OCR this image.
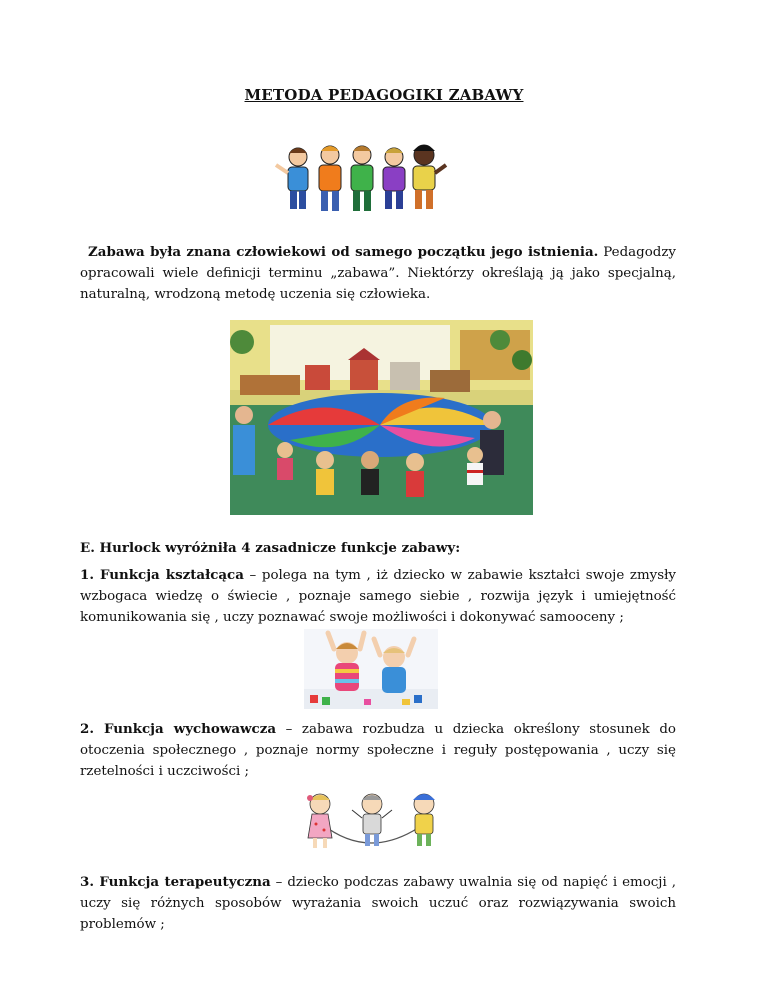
METODA PEDAGOGIKI ZABAWY

Zabawa była znana człowiekowi od samego początku jego istnienia. Pedagodzy opracowali wiele definicji terminu „zabawa”. Niektórzy określają ją jako specjalną, naturalną, wrodzoną metodę uczenia się człowieka.

E. Hurlock wyróżniła 4 zasadnicze funkcje zabawy:

1. Funkcja kształcąca – polega na tym , iż dziecko w zabawie kształci swoje zmysły wzbogaca wiedzę o świecie , poznaje samego siebie , rozwija język i umiejętność komunikowania się , uczy poznawać swoje możliwości i dokonywać samooceny ;

2. Funkcja wychowawcza – zabawa rozbudza u dziecka określony stosunek do otoczenia społecznego , poznaje normy społeczne i reguły postępowania , uczy się rzetelności i uczciwości ;

3. Funkcja terapeutyczna – dziecko podczas zabawy uwalnia się od napięć i emocji , uczy się różnych sposobów wyrażania swoich uczuć oraz rozwiązywania swoich problemów ;
